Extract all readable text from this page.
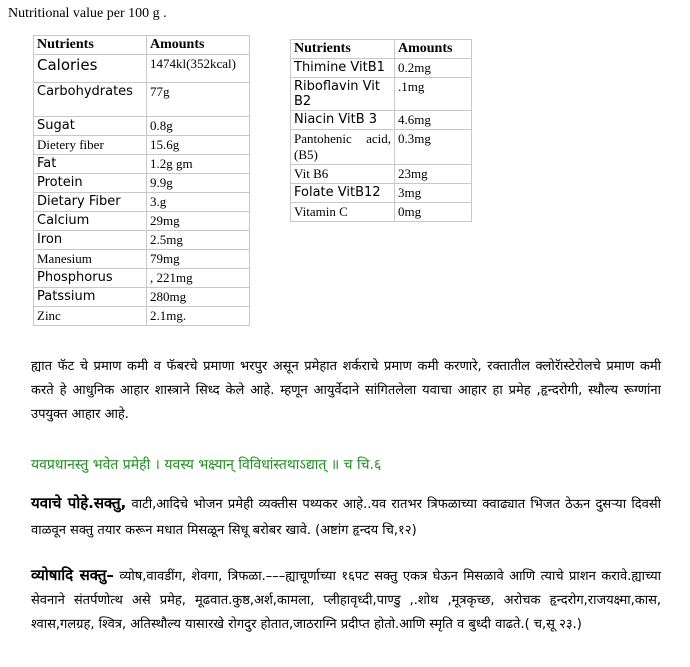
Nutritional value per 100 g .
Nutrients	Amounts
Calories	1474kl(352kcal)
Carbohydrates	77g
Sugat	0.8g
Dietery fiber	15.6g
Fat	1.2g gm
Protein	9.9g
Dietary Fiber	3.g
Calcium	29mg
Iron	2.5mg
Manesium	79mg
Phosphorus	, 221mg
Patssium	280mg
Zinc	2.1mg.
Nutrients	Amounts
Thimine VitB1	0.2mg
Riboflavin Vit B2	.1mg
Niacin VitB 3	4.6mg
Pantohenic acid, (B5)	0.3mg
Vit B6	23mg
Folate VitB12	3mg
Vitamin C	0mg
ह्यात फॅट चे प्रमाण कमी व फॅबरचे प्रमाणा भरपुर असून प्रमेहात शर्कराचे प्रमाण कमी करणारे, रक्तातील क्लोरॅास्टेरोलचे प्रमाण कमी करते हे आधुनिक आहार शास्त्राने सिध्द केले आहे. म्हणून आयुर्वेदाने सांगितलेला यवाचा आहार हा प्रमेह ,हृन्दरोगी, स्थौल्य रूग्णांना उपयुक्त आहार आहे.
यवप्रधानस्तु भवेत प्रमेही । यवस्य भक्ष्यान् विविधांस्तथाऽद्यात् ॥ च चि.६
यवाचे पोहे.सक्तु, वाटी,आदिचे भोजन प्रमेही व्यक्तीस पथ्यकर आहे..यव रातभर त्रिफळाच्या क्वाढ्यात भिजत ठेऊन दुसऱ्या दिवसी वाळवून सक्तु तयार करून मधात मिसळून सिधू बरोबर खावे. (अष्टांग हृन्दय चि,१२)
व्योषादि सक्तु– व्योष,वावडींग, शेवगा, त्रिफळा.–––ह्याचूर्णाच्या १६पट सक्तु एकत्र घेऊन मिसळावे आणि त्याचे प्राशन करावे.ह्याच्या सेवनाने संतर्पणोत्थ असे प्रमेह, मूढवात.कुष्ठ,अर्श,कामला, प्लीहावृध्दी,पाण्डु ,.शोथ ,मूत्रकृच्छ, अरोचक हृन्दरोग,राजयक्ष्मा,कास, श्वास,गलग्रह, श्वित्र, अतिस्थौल्य यासारखे रोगदुर होतात,जाठराग्नि प्रदीप्त होतो.आणि स्मृति व बुध्दी वाढते.( च,सू २३.)
